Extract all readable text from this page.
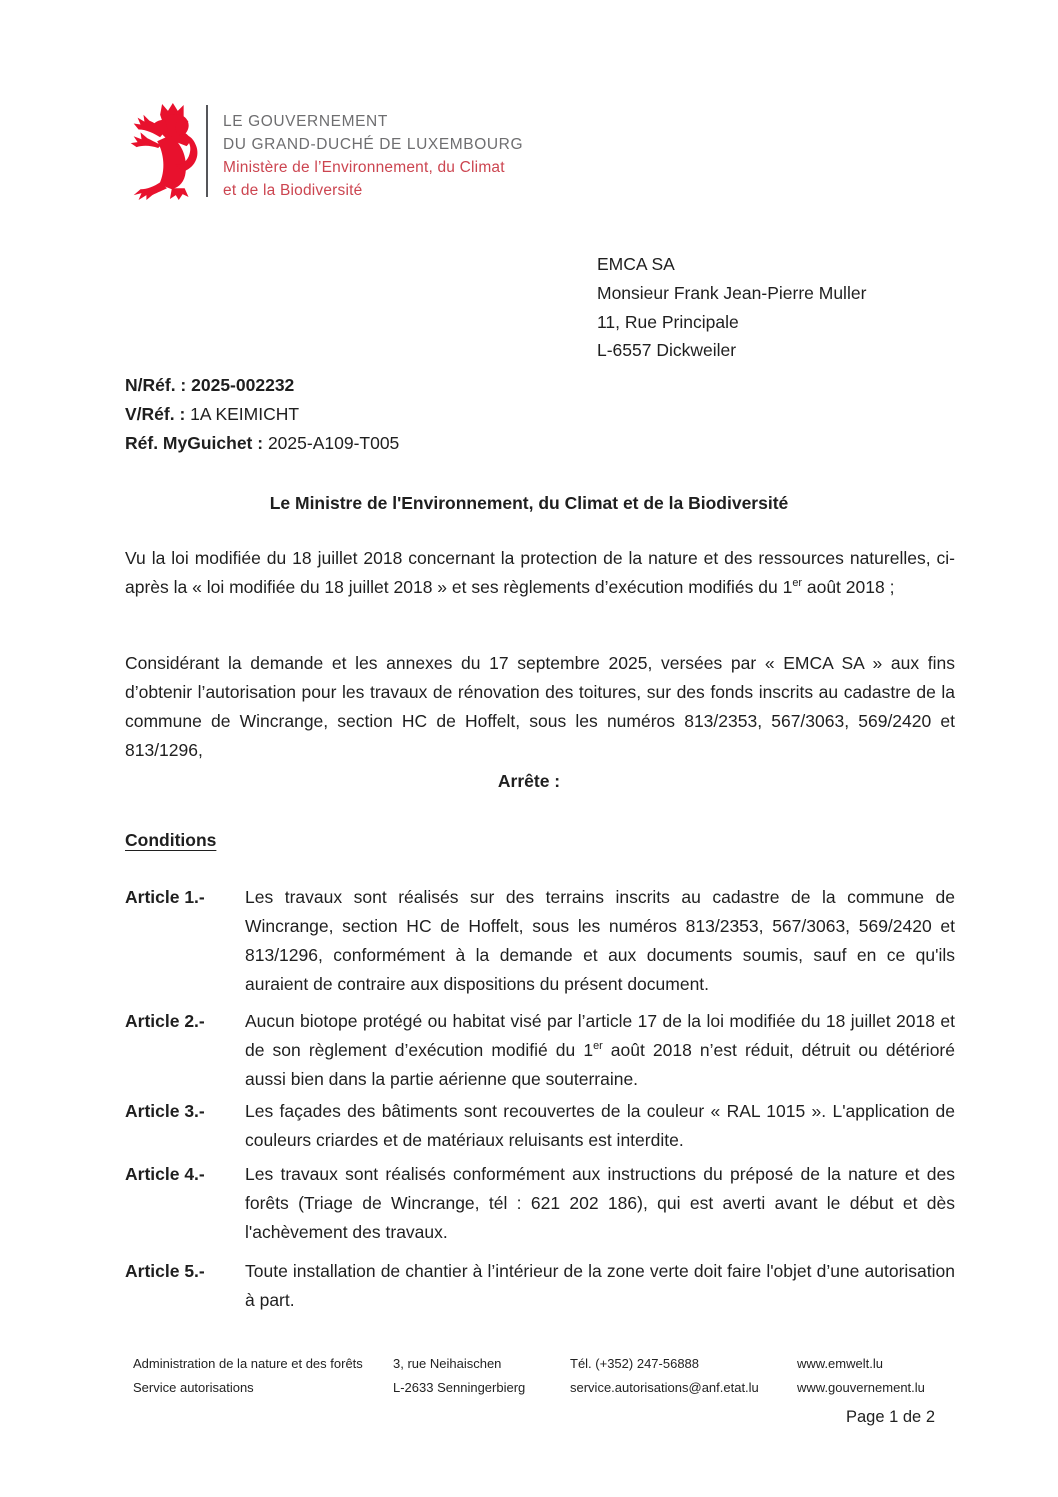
LE GOUVERNEMENT
DU GRAND-DUCHÉ DE LUXEMBOURG
Ministère de l’Environnement, du Climat
et de la Biodiversité
EMCA SA
Monsieur Frank Jean-Pierre Muller
11, Rue Principale
L-6557 Dickweiler
N/Réf. : 2025-002232
V/Réf. : 1A KEIMICHT
Réf. MyGuichet : 2025-A109-T005
Le Ministre de l'Environnement, du Climat et de la Biodiversité
Vu la loi modifiée du 18 juillet 2018 concernant la protection de la nature et des ressources naturelles, ci-après la « loi modifiée du 18 juillet 2018 » et ses règlements d’exécution modifiés du 1er août 2018 ;
Considérant la demande et les annexes du 17 septembre 2025, versées par « EMCA SA » aux fins d’obtenir l’autorisation pour les travaux de rénovation des toitures, sur des fonds inscrits au cadastre de la commune de Wincrange, section HC de Hoffelt, sous les numéros 813/2353, 567/3063, 569/2420 et 813/1296,
Arrête :
Conditions
Article 1.-	Les travaux sont réalisés sur des terrains inscrits au cadastre de la commune de Wincrange, section HC de Hoffelt, sous les numéros 813/2353, 567/3063, 569/2420 et 813/1296, conformément à la demande et aux documents soumis, sauf en ce qu'ils auraient de contraire aux dispositions du présent document.
Article 2.-	Aucun biotope protégé ou habitat visé par l’article 17 de la loi modifiée du 18 juillet 2018 et de son règlement d’exécution modifié du 1er août 2018 n’est réduit, détruit ou détérioré aussi bien dans la partie aérienne que souterraine.
Article 3.-	Les façades des bâtiments sont recouvertes de la couleur « RAL 1015 ». L'application de couleurs criardes et de matériaux reluisants est interdite.
Article 4.-	Les travaux sont réalisés conformément aux instructions du préposé de la nature et des forêts (Triage de Wincrange, tél : 621 202 186), qui est averti avant le début et dès l'achèvement des travaux.
Article 5.-	Toute installation de chantier à l’intérieur de la zone verte doit faire l'objet d’une autorisation à part.
Administration de la nature et des forêts
Service autorisations
3, rue Neihaischen
L-2633 Senningerbierg
Tél. (+352) 247-56888
service.autorisations@anf.etat.lu
www.emwelt.lu
www.gouvernement.lu
Page 1 de 2
